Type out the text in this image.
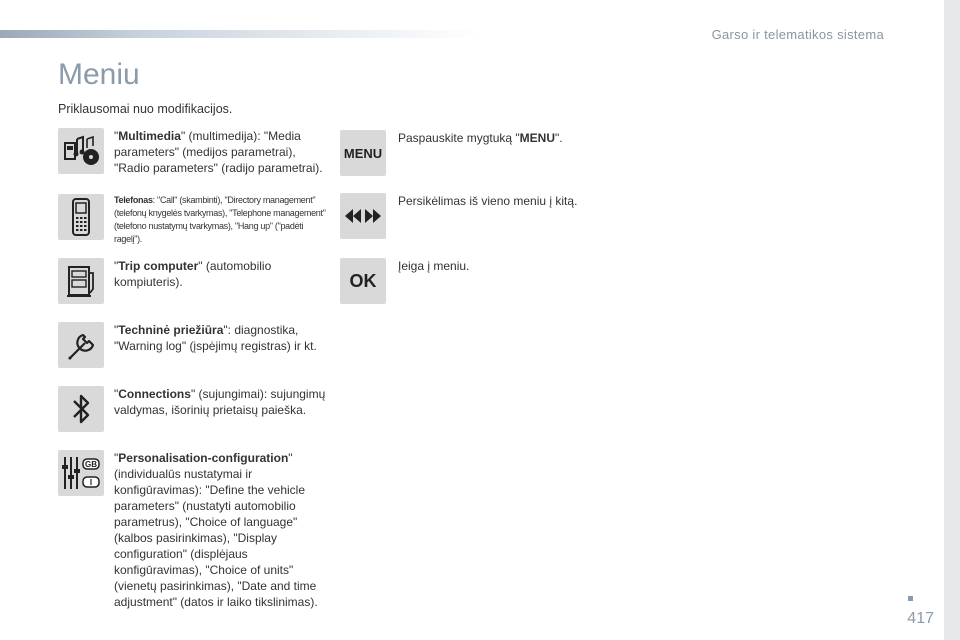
Garso ir telematikos sistema
Meniu
Priklausomai nuo modifikacijos.
"Multimedia" (multimedija): "Media parameters" (medijos parametrai), "Radio parameters" (radijo parametrai).
Telefonas: "Call" (skambinti), "Directory management" (telefonų knygelės tvarkymas), "Telephone management" (telefono nustatymų tvarkymas), "Hang up" ("padėti ragelį").
"Trip computer" (automobilio kompiuteris).
"Techninė priežiūra": diagnostika, "Warning log" (įspėjimų registras) ir kt.
"Connections" (sujungimai): sujungimų valdymas, išorinių prietaisų paieška.
GB
I
"Personalisation-configuration" (individualūs nustatymai ir konfigūravimas): "Define the vehicle parameters" (nustatyti automobilio parametrus), "Choice of language" (kalbos pasirinkimas), "Display configuration" (displėjaus konfigūravimas), "Choice of units" (vienetų pasirinkimas), "Date and time adjustment" (datos ir laiko tikslinimas).
MENU
Paspauskite mygtuką "MENU".
Persikėlimas iš vieno meniu į kitą.
OK
Įeiga į meniu.
417
